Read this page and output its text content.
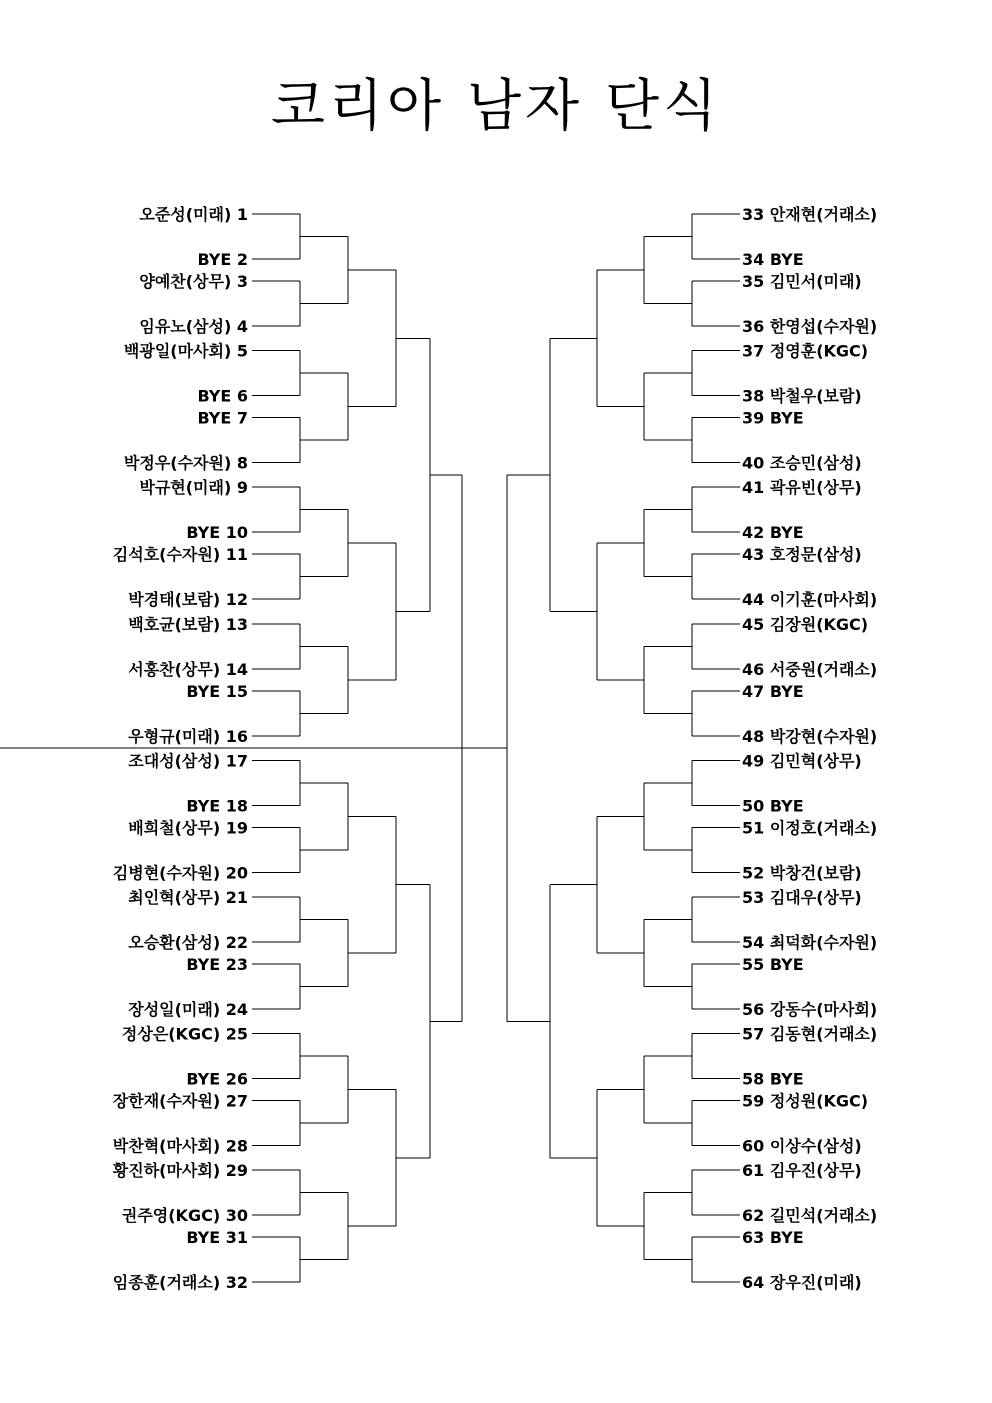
코리아 남자 단식
오준성(미래) 1
BYE 2
양예찬(상무) 3
임유노(삼성) 4
백광일(마사회) 5
BYE 6
BYE 7
박정우(수자원) 8
박규현(미래) 9
BYE 10
김석호(수자원) 11
박경태(보람) 12
백호균(보람) 13
서홍찬(상무) 14
BYE 15
우형규(미래) 16
조대성(삼성) 17
BYE 18
배희철(상무) 19
김병현(수자원) 20
최인혁(상무) 21
오승환(삼성) 22
BYE 23
장성일(미래) 24
정상은(KGC) 25
BYE 26
장한재(수자원) 27
박찬혁(마사회) 28
황진하(마사회) 29
권주영(KGC) 30
BYE 31
임종훈(거래소) 32
33 안재현(거래소)
34 BYE
35 김민서(미래)
36 한영섭(수자원)
37 정영훈(KGC)
38 박철우(보람)
39 BYE
40 조승민(삼성)
41 곽유빈(상무)
42 BYE
43 호정문(삼성)
44 이기훈(마사회)
45 김장원(KGC)
46 서중원(거래소)
47 BYE
48 박강현(수자원)
49 김민혁(상무)
50 BYE
51 이정호(거래소)
52 박창건(보람)
53 김대우(상무)
54 최덕화(수자원)
55 BYE
56 강동수(마사회)
57 김동현(거래소)
58 BYE
59 정성원(KGC)
60 이상수(삼성)
61 김우진(상무)
62 길민석(거래소)
63 BYE
64 장우진(미래)
